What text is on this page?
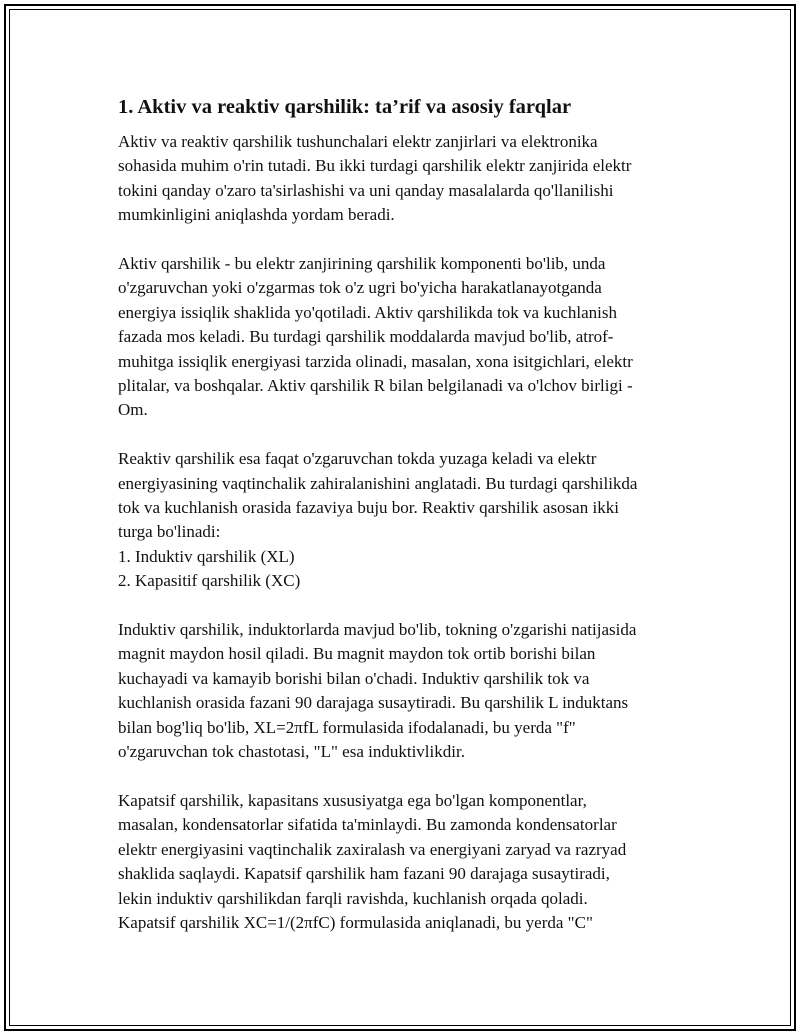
1. Aktiv va reaktiv qarshilik: ta’rif va asosiy farqlar

Aktiv va reaktiv qarshilik tushunchalari elektr zanjirlari va elektronika
sohasida muhim o'rin tutadi. Bu ikki turdagi qarshilik elektr zanjirida elektr
tokini qanday o'zaro ta'sirlashishi va uni qanday masalalarda qo'llanilishi
mumkinligini aniqlashda yordam beradi.

Aktiv qarshilik - bu elektr zanjirining qarshilik komponenti bo'lib, unda
o'zgaruvchan yoki o'zgarmas tok o'z ugri bo'yicha harakatlanayotganda
energiya issiqlik shaklida yo'qotiladi. Aktiv qarshilikda tok va kuchlanish
fazada mos keladi. Bu turdagi qarshilik moddalarda mavjud bo'lib, atrof-
muhitga issiqlik energiyasi tarzida olinadi, masalan, xona isitgichlari, elektr
plitalar, va boshqalar. Aktiv qarshilik R bilan belgilanadi va o'lchov birligi -
Om.

Reaktiv qarshilik esa faqat o'zgaruvchan tokda yuzaga keladi va elektr
energiyasining vaqtinchalik zahiralanishini anglatadi. Bu turdagi qarshilikda
tok va kuchlanish orasida fazaviya buju bor. Reaktiv qarshilik asosan ikki
turga bo'linadi:
1. Induktiv qarshilik (XL)
2. Kapasitif qarshilik (XC)

Induktiv qarshilik, induktorlarda mavjud bo'lib, tokning o'zgarishi natijasida
magnit maydon hosil qiladi. Bu magnit maydon tok ortib borishi bilan
kuchayadi va kamayib borishi bilan o'chadi. Induktiv qarshilik tok va
kuchlanish orasida fazani 90 darajaga susaytiradi. Bu qarshilik L induktans
bilan bog'liq bo'lib, XL=2πfL formulasida ifodalanadi, bu yerda "f"
o'zgaruvchan tok chastotasi, "L" esa induktivlikdir.

Kapatsif qarshilik, kapasitans xususiyatga ega bo'lgan komponentlar,
masalan, kondensatorlar sifatida ta'minlaydi. Bu zamonda kondensatorlar
elektr energiyasini vaqtinchalik zaxiralash va energiyani zaryad va razryad
shaklida saqlaydi. Kapatsif qarshilik ham fazani 90 darajaga susaytiradi,
lekin induktiv qarshilikdan farqli ravishda, kuchlanish orqada qoladi.
Kapatsif qarshilik XC=1/(2πfC) formulasida aniqlanadi, bu yerda "C"
